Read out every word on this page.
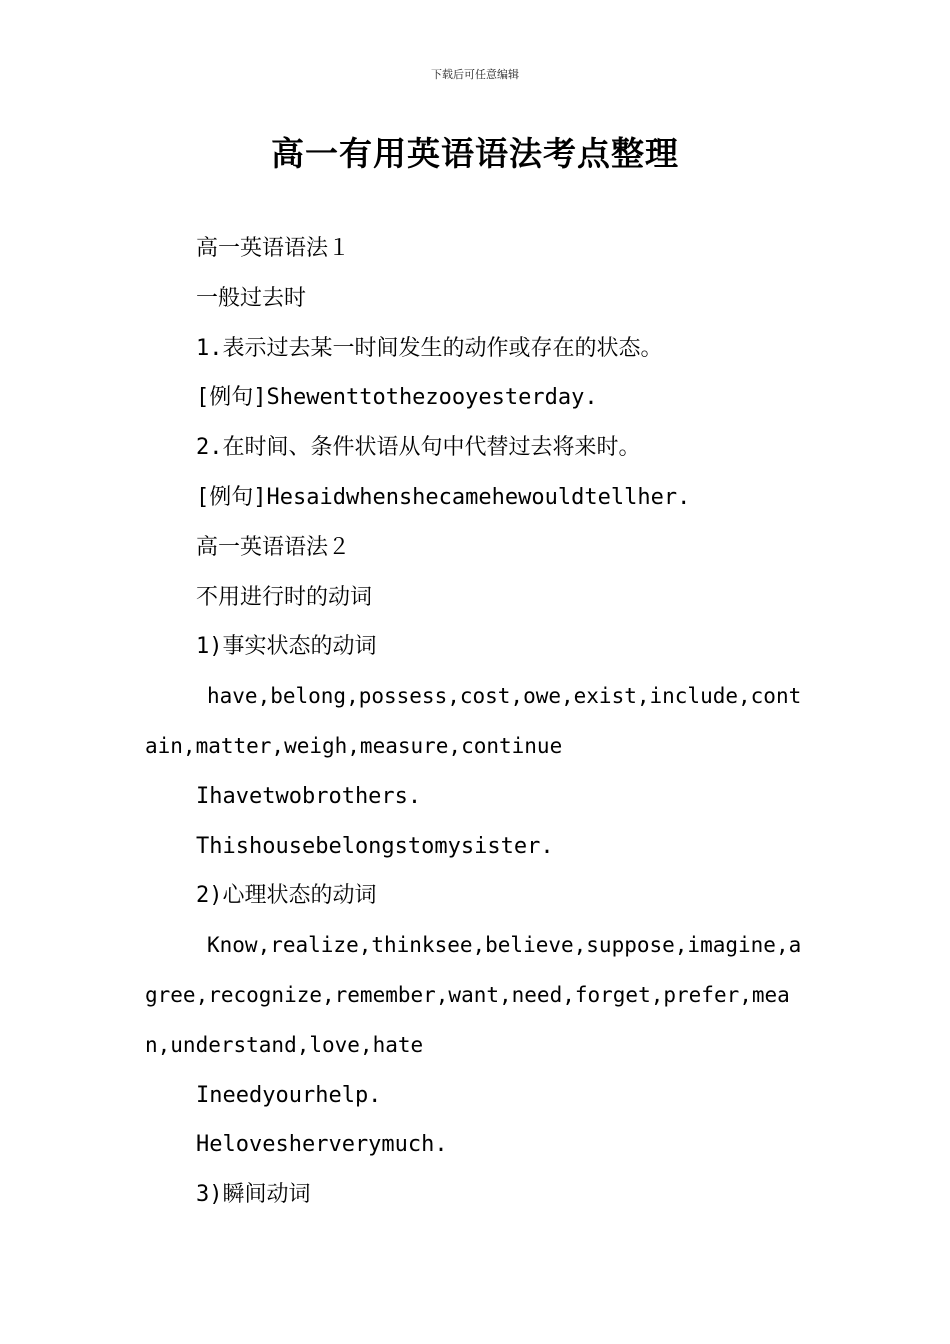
下载后可任意编辑
高一有用英语语法考点整理
高一英语语法１
一般过去时
1.表示过去某一时间发生的动作或存在的状态。
[例句]Shewenttothezooyesterday.
2.在时间、条件状语从句中代替过去将来时。
[例句]Hesaidwhenshecamehewouldtellher.
高一英语语法２
不用进行时的动词
1)事实状态的动词
have,belong,possess,cost,owe,exist,include,cont
ain,matter,weigh,measure,continue
Ihavetwobrothers.
Thishousebelongstomysister.
2)心理状态的动词
Know,realize,thinksee,believe,suppose,imagine,a
gree,recognize,remember,want,need,forget,prefer,mea
n,understand,love,hate
Ineedyourhelp.
Helovesherverymuch.
3)瞬间动词
